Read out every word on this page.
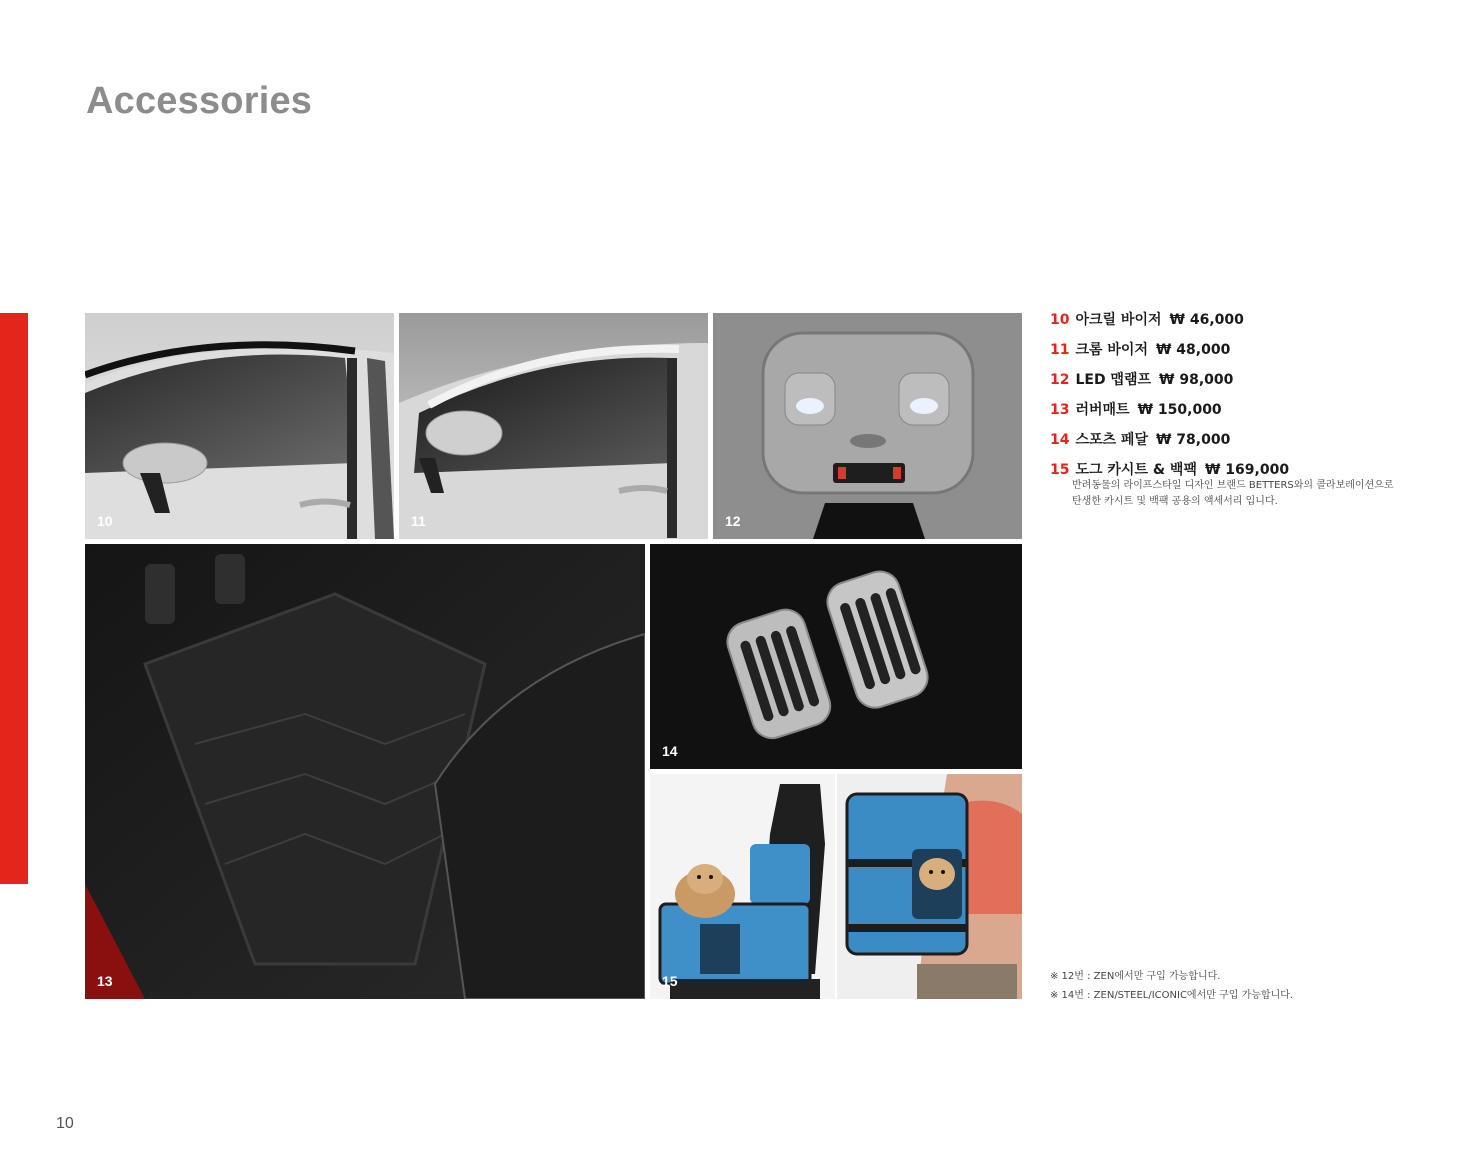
Accessories
10	11	12
13
14
15
10 아크릴 바이저 ₩ 46,000
11 크롬 바이저 ₩ 48,000
12 LED 맵램프 ₩ 98,000
13 러버매트 ₩ 150,000
14 스포츠 페달 ₩ 78,000
15 도그 카시트 & 백팩 ₩ 169,000
반려동물의 라이프스타일 디자인 브랜드 BETTERS와의 콜라보레이션으로
탄생한 카시트 및 백팩 공용의 액세서리 입니다.
※ 12번 : ZEN에서만 구입 가능합니다.
※ 14번 : ZEN/STEEL/ICONIC에서만 구입 가능합니다.
10
